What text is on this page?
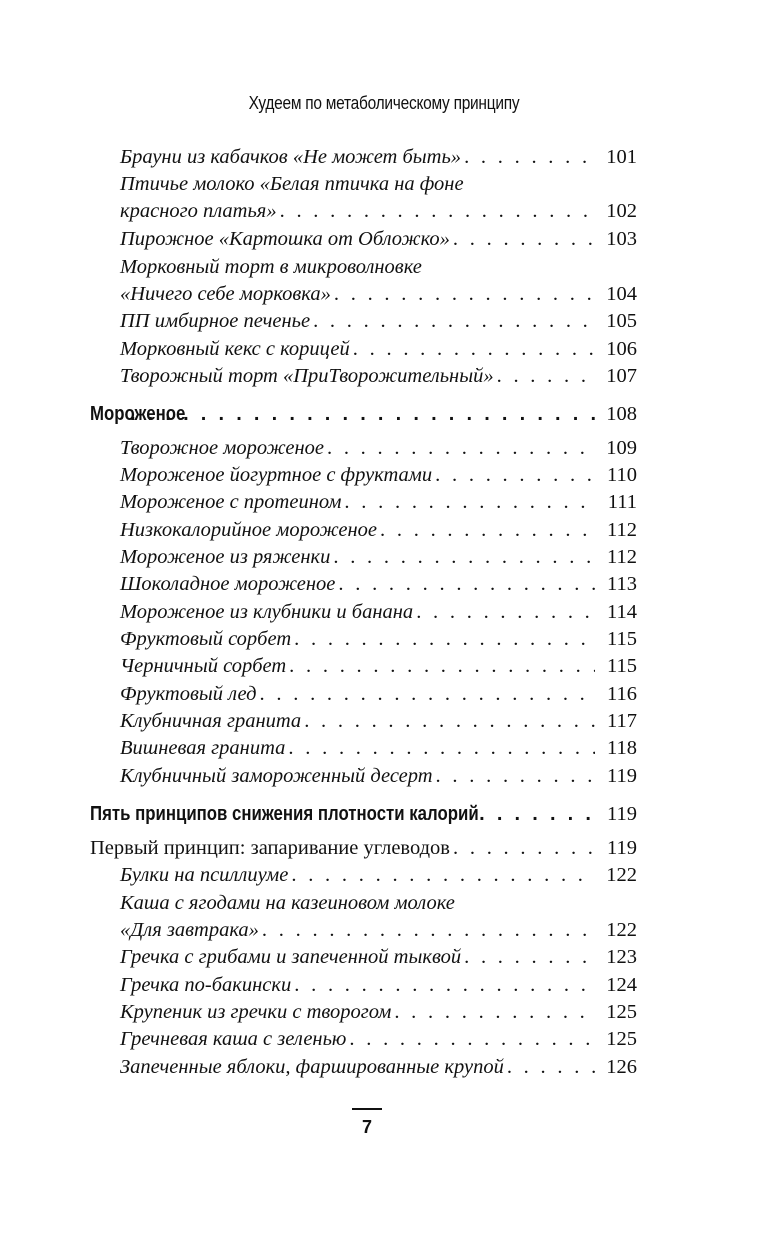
Худеем по метаболическому принципу
Брауни из кабачков «Не может быть» . . .	101
Птичье молоко «Белая птичка на фоне
красного платья» . . .	102
Пирожное «Картошка от Обложко» . . .	103
Морковный торт в микроволновке
«Ничего себе морковка» . . .	104
ПП имбирное печенье . . .	105
Морковный кекс с корицей . . .	106
Творожный торт «ПриТворожительный» . . .	107
Мороженое . . .	108
Творожное мороженое . . .	109
Мороженое йогуртное с фруктами . . .	110
Мороженое с протеином . . .	111
Низкокалорийное мороженое . . .	112
Мороженое из ряженки . . .	112
Шоколадное мороженое . . .	113
Мороженое из клубники и банана . . .	114
Фруктовый сорбет . . .	115
Черничный сорбет . . .	115
Фруктовый лед . . .	116
Клубничная гранита . . .	117
Вишневая гранита . . .	118
Клубничный замороженный десерт . . .	119
Пять принципов снижения плотности калорий . . .	119
Первый принцип: запаривание углеводов . . .	119
Булки на псиллиуме . . .	122
Каша с ягодами на казеиновом молоке
«Для завтрака» . . .	122
Гречка с грибами и запеченной тыквой . . .	123
Гречка по-бакински . . .	124
Крупеник из гречки с творогом . . .	125
Гречневая каша с зеленью . . .	125
Запеченные яблоки, фаршированные крупой . . .	126
7
